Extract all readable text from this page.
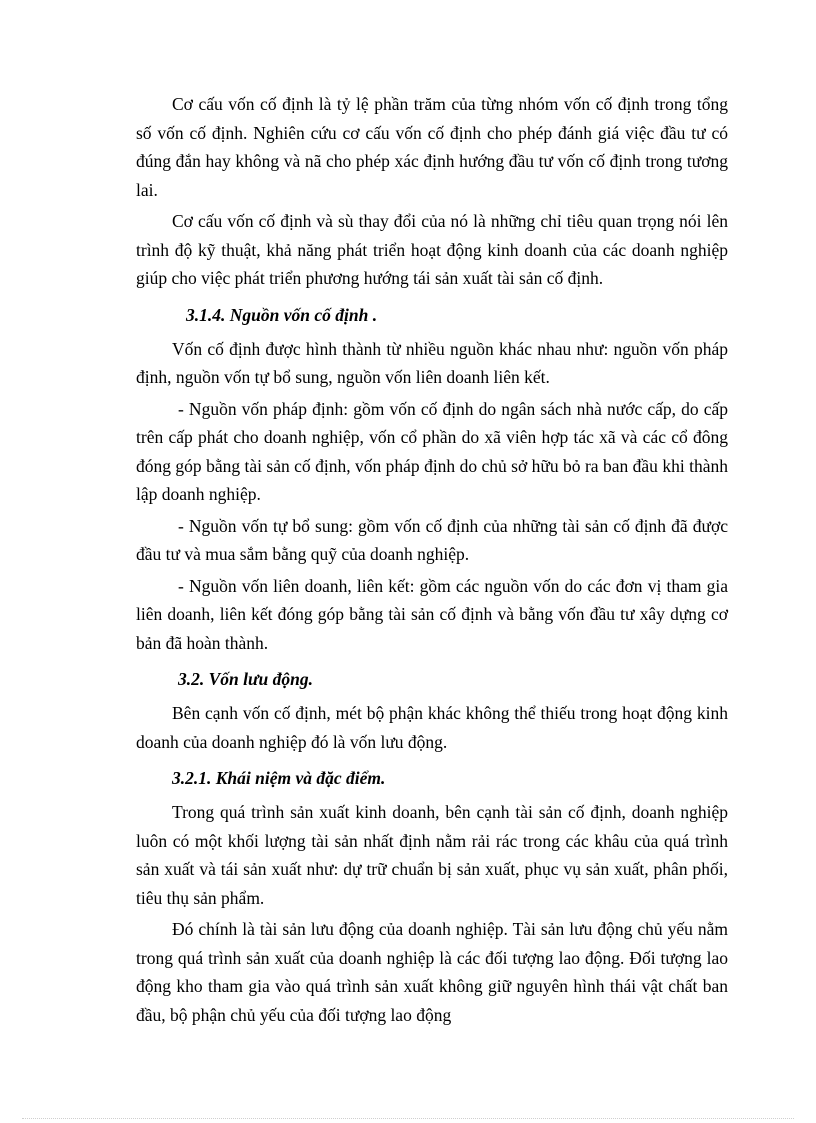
Cơ cấu vốn cố định là tỷ lệ phần trăm của từng nhóm vốn cố định trong tổng số vốn cố định. Nghiên cứu cơ cấu vốn cố định cho phép đánh giá việc đầu tư có đúng đắn hay không và nã cho phép xác định hướng đầu tư vốn cố định trong tương lai.

Cơ cấu vốn cố định và sù thay đổi của nó là những chỉ tiêu quan trọng nói lên trình độ kỹ thuật, khả năng phát triển hoạt động kinh doanh của các doanh nghiệp giúp cho việc phát triển phương hướng tái sản xuất tài sản cố định.

3.1.4. Nguồn vốn cố định .

Vốn cố định được hình thành từ nhiều nguồn khác nhau như: nguồn vốn pháp định, nguồn vốn tự bổ sung, nguồn vốn liên doanh liên kết.

- Nguồn vốn pháp định: gồm vốn cố định do ngân sách nhà nước cấp, do cấp trên cấp phát cho doanh nghiệp, vốn cổ phần do xã viên hợp tác xã và các cổ đông đóng góp bằng tài sản cố định, vốn pháp định do chủ sở hữu bỏ ra ban đầu khi thành lập doanh nghiệp.

- Nguồn vốn tự bổ sung: gồm vốn cố định của những tài sản cố định đã được đầu tư và mua sắm bằng quỹ của doanh nghiệp.

- Nguồn vốn liên doanh, liên kết: gồm các nguồn vốn do các đơn vị tham gia liên doanh, liên kết đóng góp bằng tài sản cố định và bằng vốn đầu tư xây dựng cơ bản đã hoàn thành.

3.2. Vốn lưu động.

Bên cạnh vốn cố định, mét bộ phận khác không thể thiếu trong hoạt động kinh doanh của doanh nghiệp đó là vốn lưu động.

3.2.1. Khái niệm và đặc điểm.

Trong quá trình sản xuất kinh doanh, bên cạnh tài sản cố định, doanh nghiệp luôn có một khối lượng tài sản nhất định nằm rải rác trong các khâu của quá trình sản xuất và tái sản xuất như: dự trữ chuẩn bị sản xuất, phục vụ sản xuất, phân phối, tiêu thụ sản phẩm.

Đó chính là tài sản lưu động của doanh nghiệp. Tài sản lưu động chủ yếu nằm trong quá trình sản xuất của doanh nghiệp là các đối tượng lao động. Đối tượng lao động kho tham gia vào quá trình sản xuất không giữ nguyên hình thái vật chất ban đầu, bộ phận chủ yếu của đối tượng lao động
